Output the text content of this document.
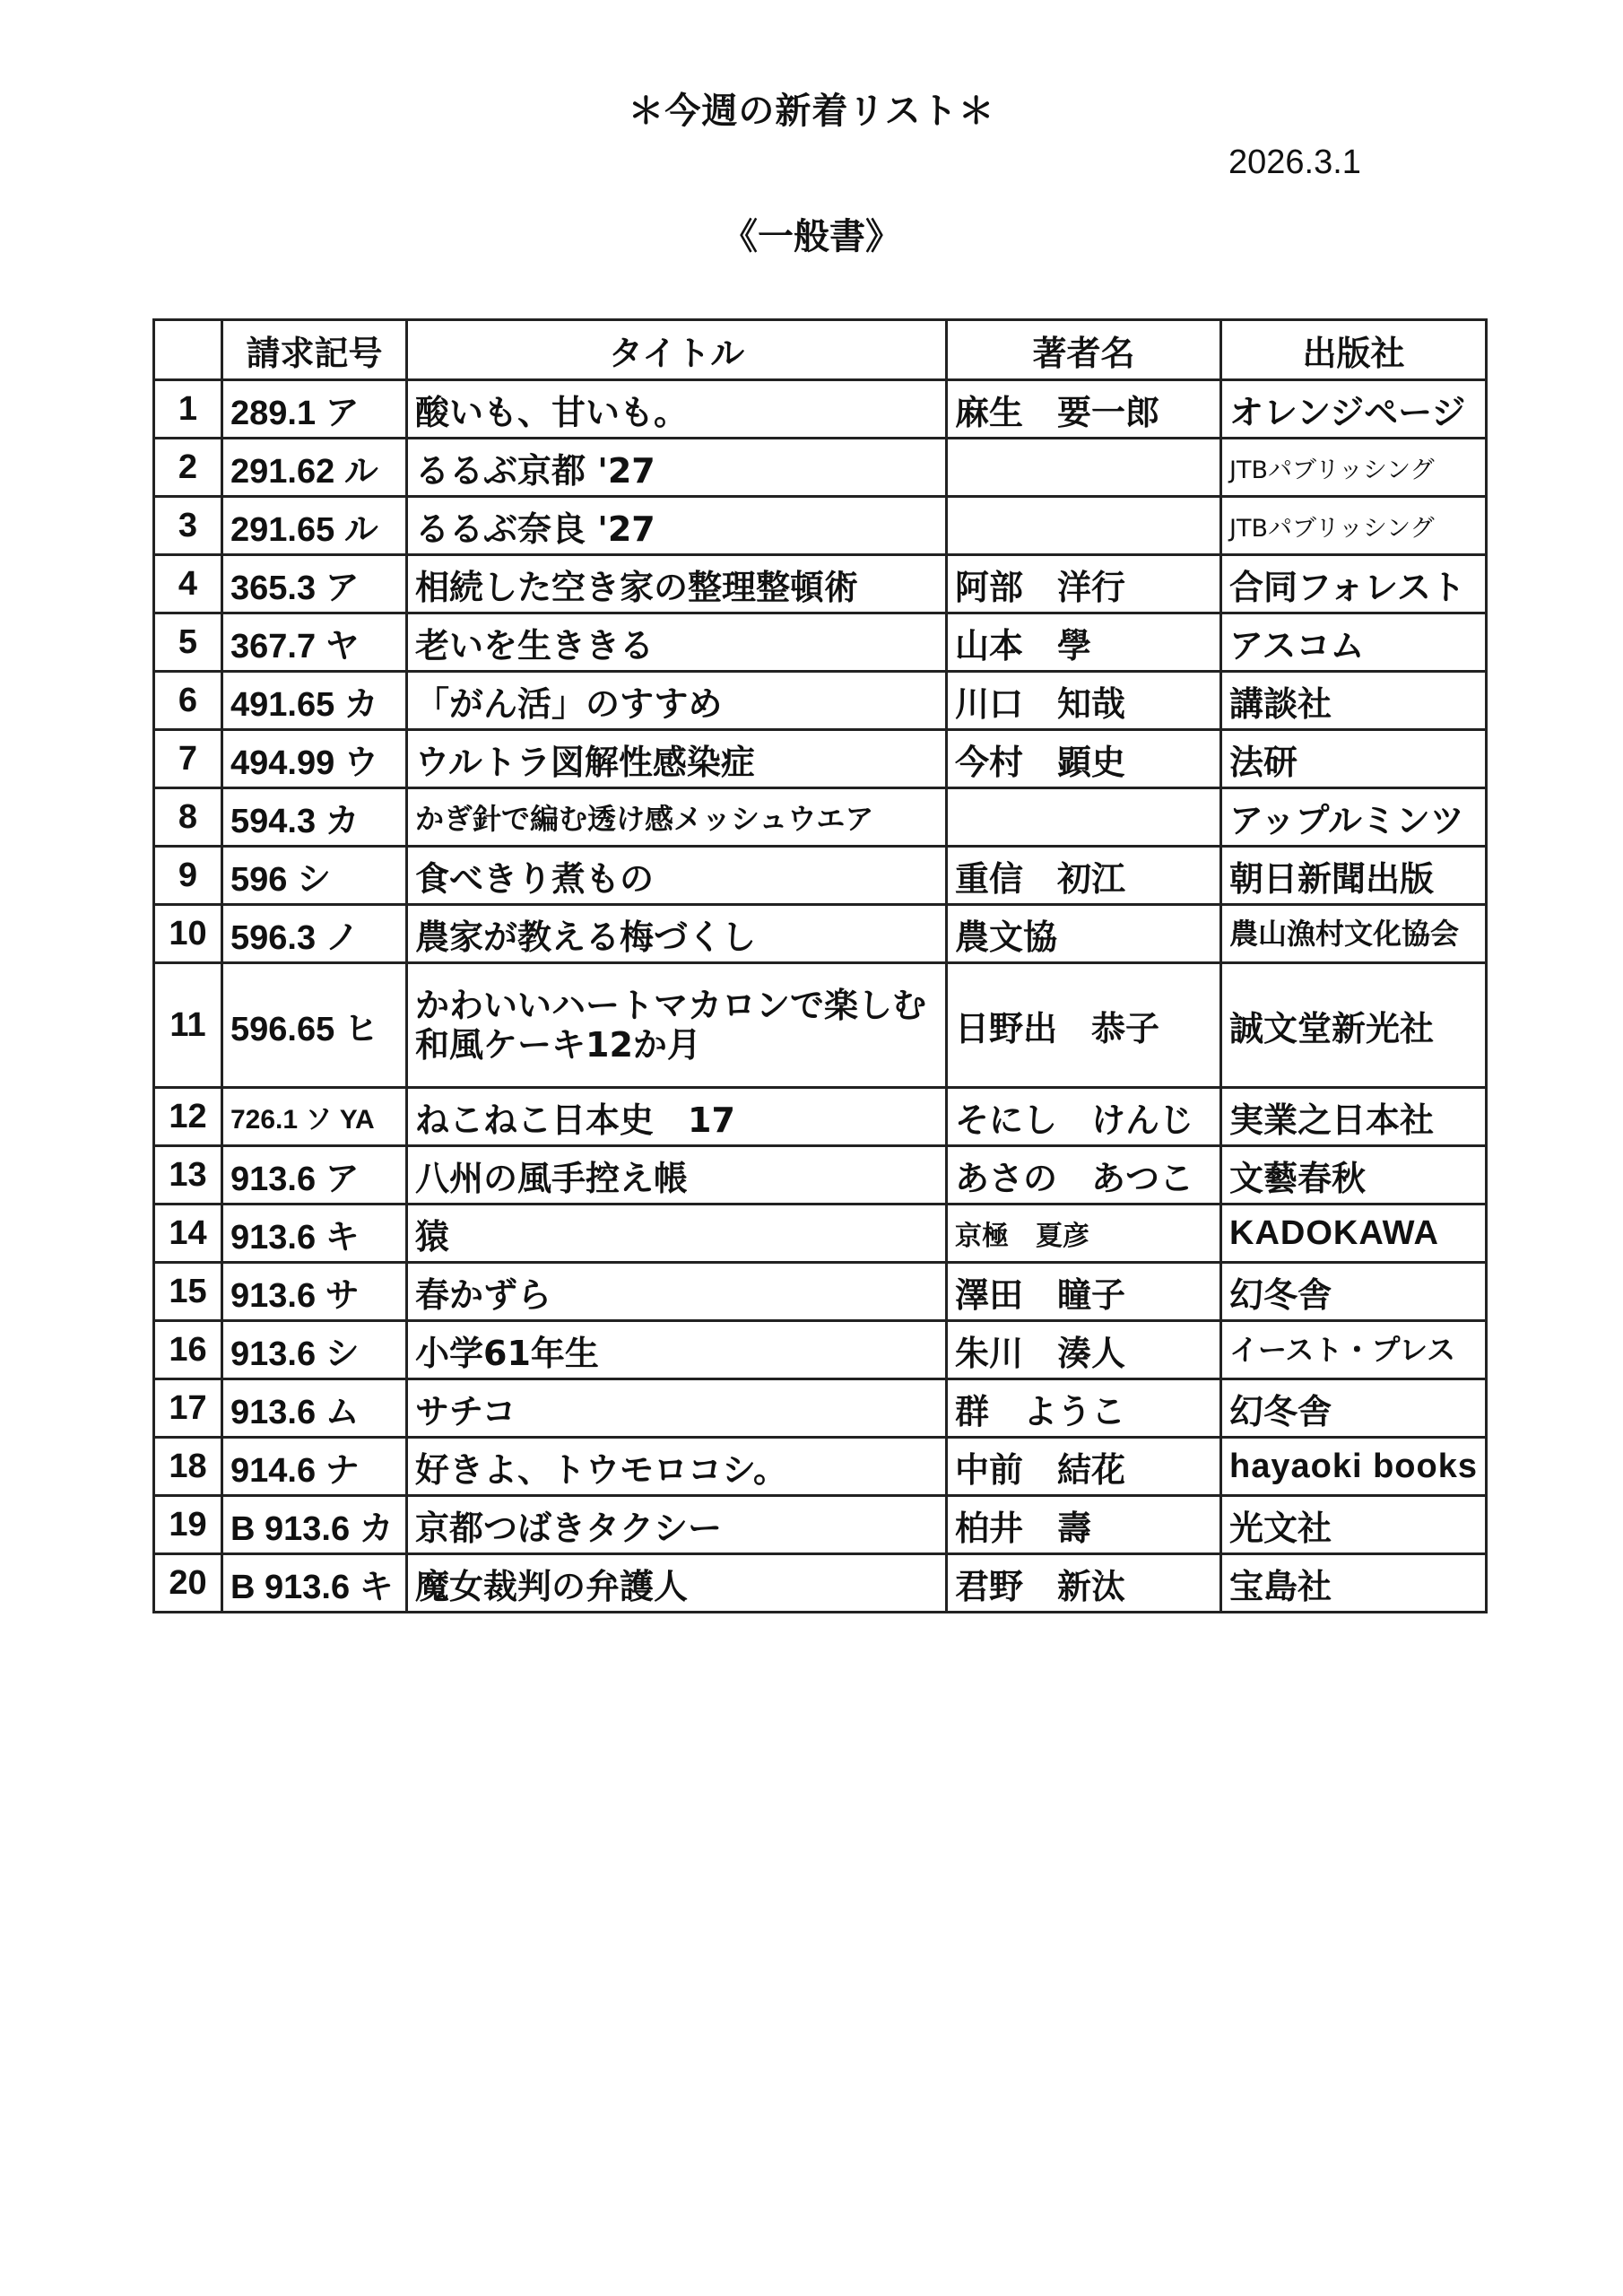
＊今週の新着リスト＊
2026.3.1
《一般書》
	請求記号	タイトル	著者名	出版社
1	289.1 ア	酸いも、甘いも。	麻生　要一郎	オレンジページ
2	291.62 ル	るるぶ京都 '27		JTBパブリッシング
3	291.65 ル	るるぶ奈良 '27		JTBパブリッシング
4	365.3 ア	相続した空き家の整理整頓術	阿部　洋行	合同フォレスト
5	367.7 ヤ	老いを生ききる	山本　學	アスコム
6	491.65 カ	「がん活」のすすめ	川口　知哉	講談社
7	494.99 ウ	ウルトラ図解性感染症	今村　顕史	法研
8	594.3 カ	かぎ針で編む透け感メッシュウエア		アップルミンツ
9	596 シ	食べきり煮もの	重信　初江	朝日新聞出版
10	596.3 ノ	農家が教える梅づくし	農文協	農山漁村文化協会
11	596.65 ヒ	かわいいハートマカロンで楽しむ和風ケーキ12か月	日野出　恭子	誠文堂新光社
12	726.1 ソ YA	ねこねこ日本史　17	そにし　けんじ	実業之日本社
13	913.6 ア	八州の風手控え帳	あさの　あつこ	文藝春秋
14	913.6 キ	猿	京極　夏彦	KADOKAWA
15	913.6 サ	春かずら	澤田　瞳子	幻冬舎
16	913.6 シ	小学61年生	朱川　湊人	イースト・プレス
17	913.6 ム	サチコ	群　ようこ	幻冬舎
18	914.6 ナ	好きよ、トウモロコシ。	中前　結花	hayaoki books
19	B 913.6 カ	京都つばきタクシー	柏井　壽	光文社
20	B 913.6 キ	魔女裁判の弁護人	君野　新汰	宝島社
